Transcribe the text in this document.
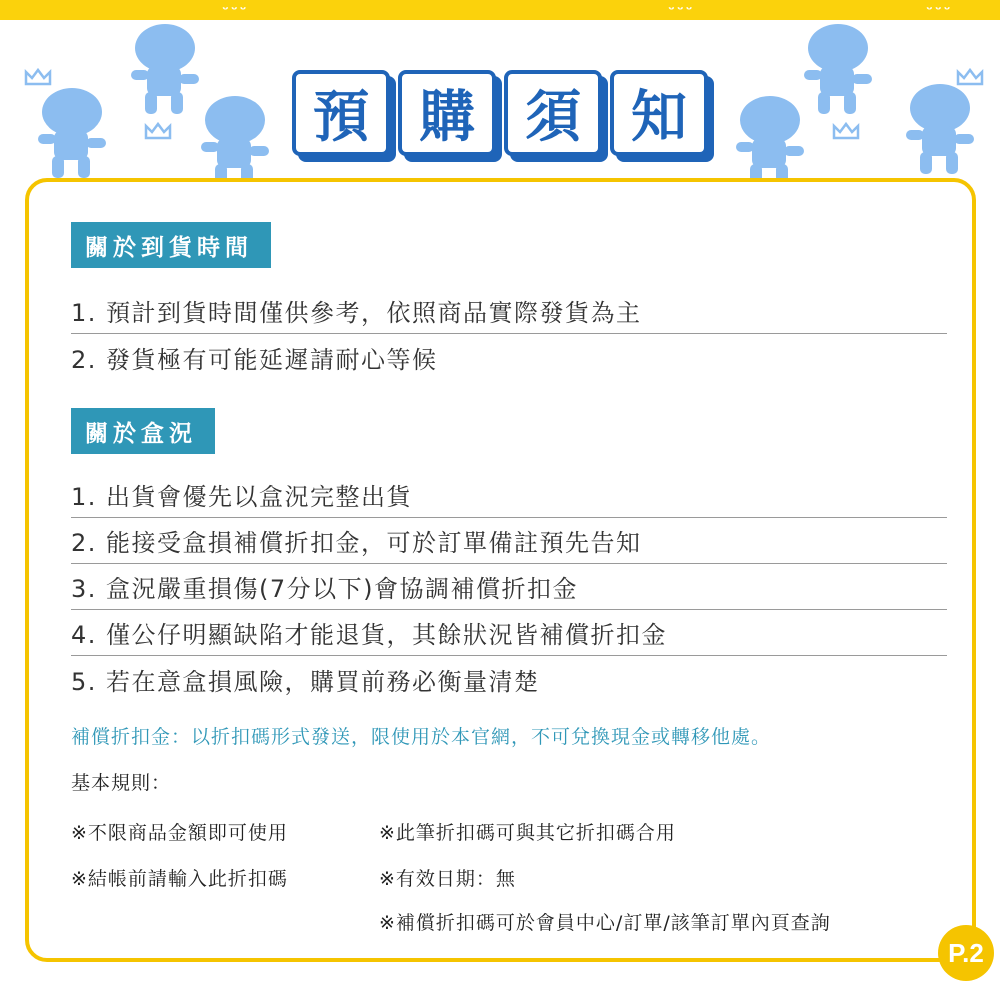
ᵕᵕᵕ	ᵕᵕᵕ	ᵕᵕᵕ
預 購 須 知
關於到貨時間
1. 預計到貨時間僅供參考，依照商品實際發貨為主
2. 發貨極有可能延遲請耐心等候
關於盒況
1. 出貨會優先以盒況完整出貨
2. 能接受盒損補償折扣金，可於訂單備註預先告知
3. 盒況嚴重損傷(7分以下)會協調補償折扣金
4. 僅公仔明顯缺陷才能退貨，其餘狀況皆補償折扣金
5. 若在意盒損風險，購買前務必衡量清楚
補償折扣金：以折扣碼形式發送，限使用於本官網，不可兌換現金或轉移他處。
基本規則：
※不限商品金額即可使用
※結帳前請輸入此折扣碼
※此筆折扣碼可與其它折扣碼合用
※有效日期：無
※補償折扣碼可於會員中心/訂單/該筆訂單內頁查詢
P.2
